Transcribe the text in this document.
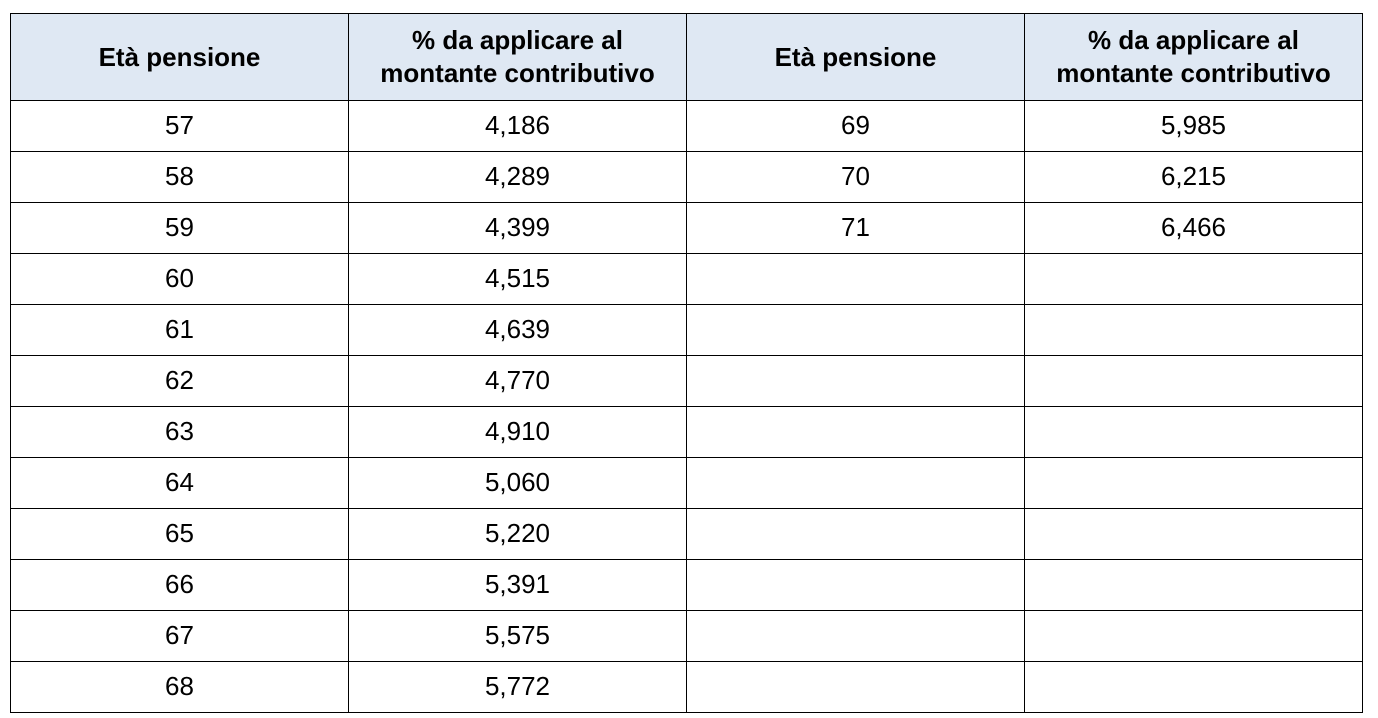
Età pensione	% da applicare al
montante contributivo	Età pensione	% da applicare al
montante contributivo
57	4,186	69	5,985
58	4,289	70	6,215
59	4,399	71	6,466
60	4,515		
61	4,639		
62	4,770		
63	4,910		
64	5,060		
65	5,220		
66	5,391		
67	5,575		
68	5,772		
